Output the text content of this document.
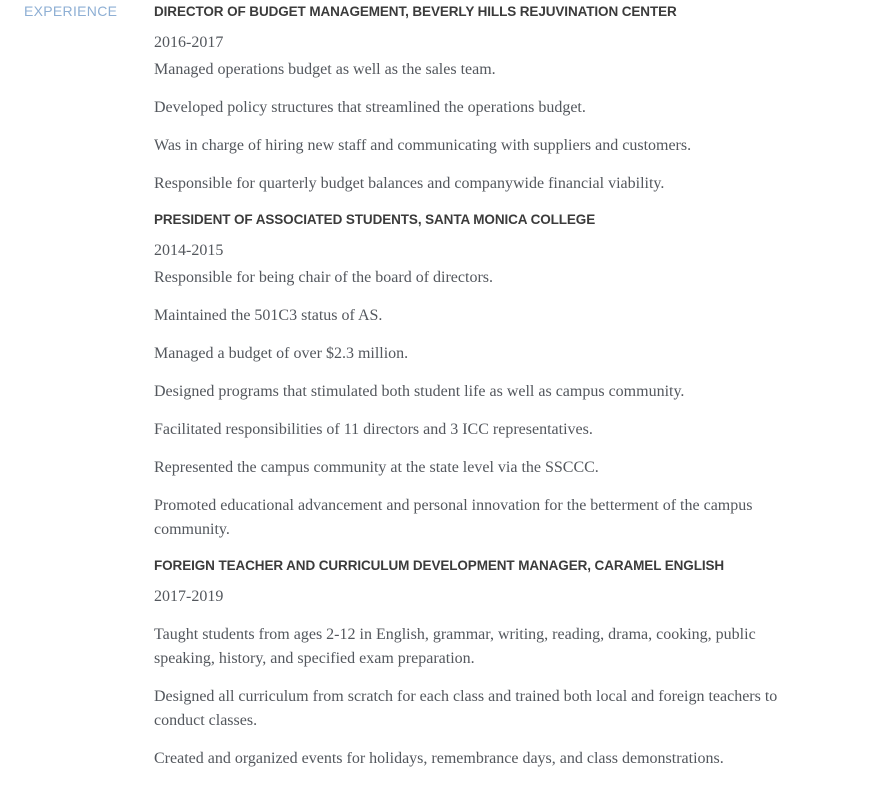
EXPERIENCE	DIRECTOR OF BUDGET MANAGEMENT, BEVERLY HILLS REJUVINATION CENTER

2016-2017

Managed operations budget as well as the sales team.

Developed policy structures that streamlined the operations budget.

Was in charge of hiring new staff and communicating with suppliers and customers.

Responsible for quarterly budget balances and companywide financial viability.

PRESIDENT OF ASSOCIATED STUDENTS, SANTA MONICA COLLEGE

2014-2015

Responsible for being chair of the board of directors.

Maintained the 501C3 status of AS.

Managed a budget of over $2.3 million.

Designed programs that stimulated both student life as well as campus community.

Facilitated responsibilities of 11 directors and 3 ICC representatives.

Represented the campus community at the state level via the SSCCC.

Promoted educational advancement and personal innovation for the betterment of the campus community.

FOREIGN TEACHER AND CURRICULUM DEVELOPMENT MANAGER, CARAMEL ENGLISH

2017-2019

Taught students from ages 2-12 in English, grammar, writing, reading, drama, cooking, public speaking, history, and specified exam preparation.

Designed all curriculum from scratch for each class and trained both local and foreign teachers to conduct classes.

Created and organized events for holidays, remembrance days, and class demonstrations.
